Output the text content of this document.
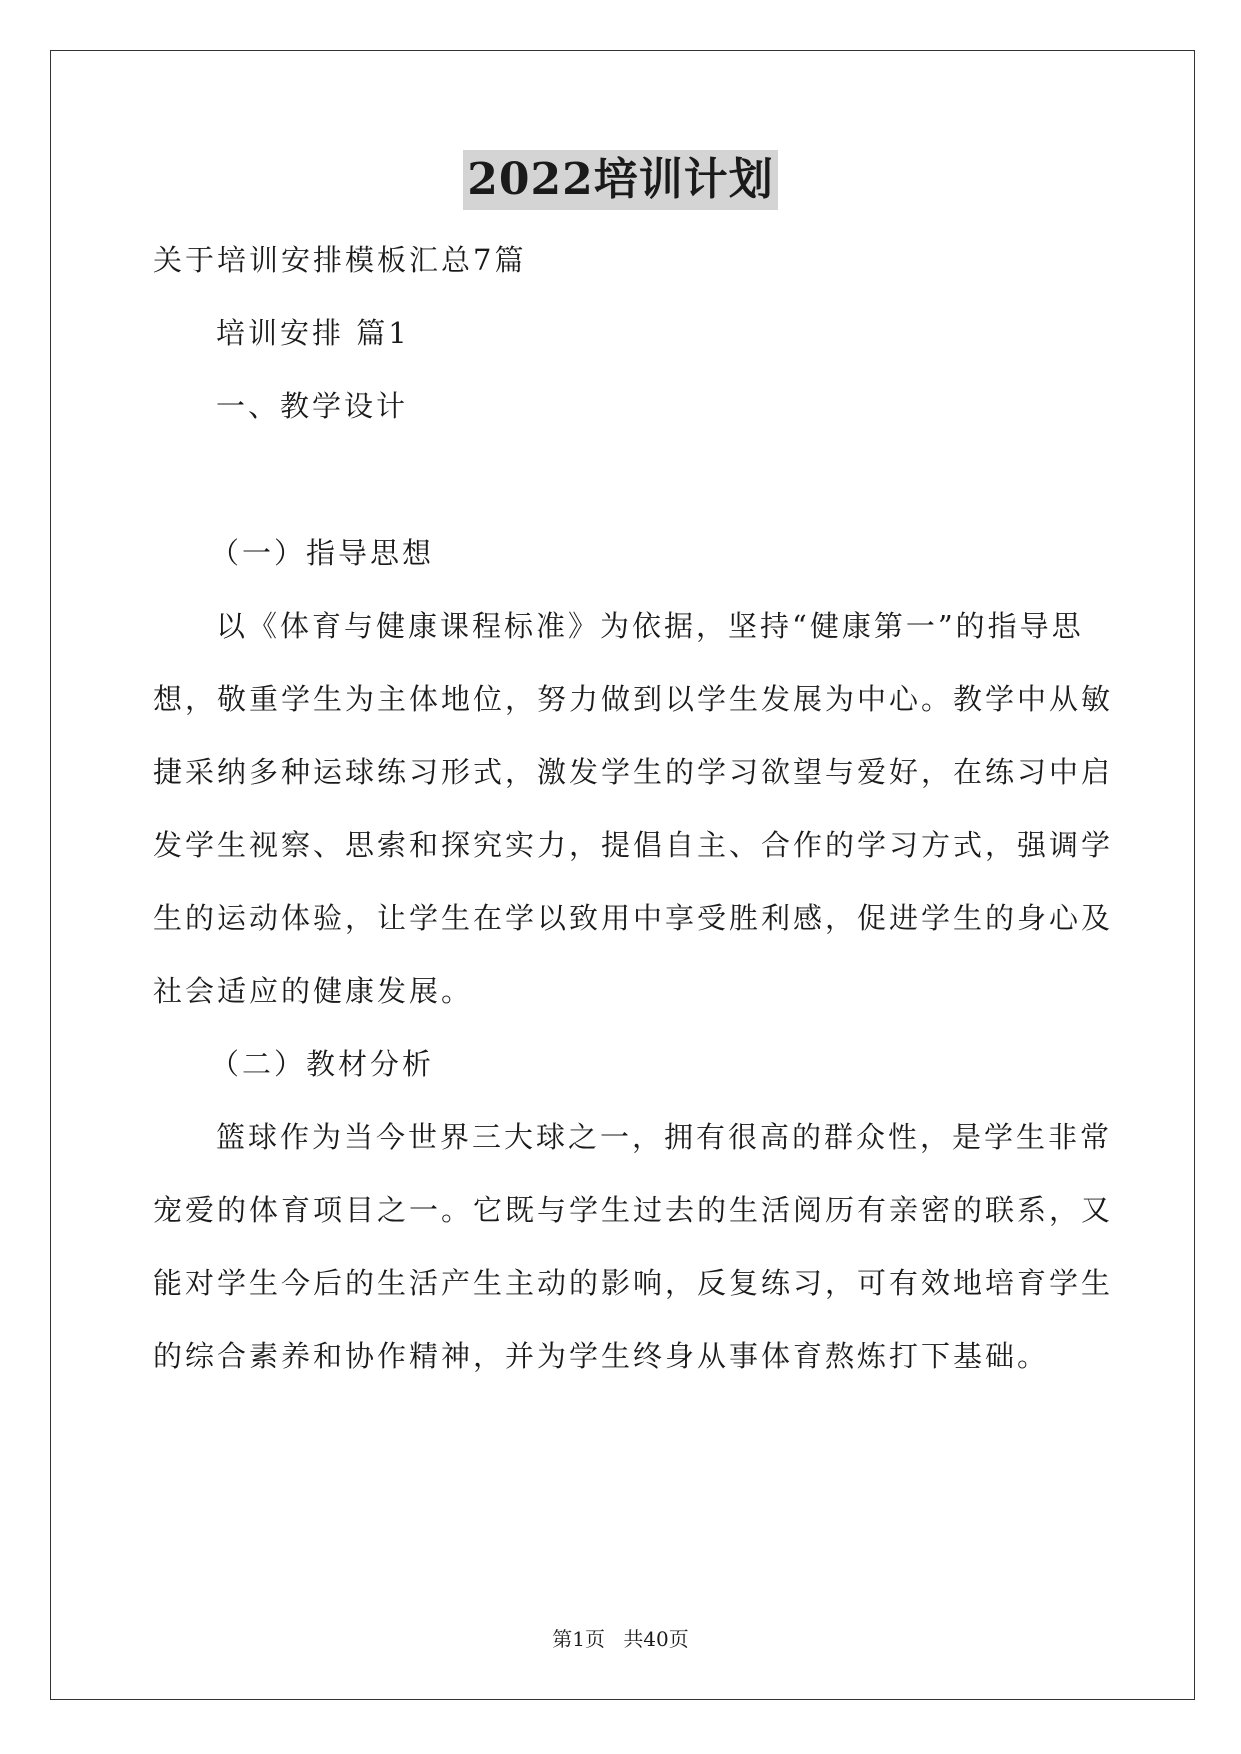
2022培训计划
关于培训安排模板汇总7篇
培训安排 篇1
一、教学设计
（一）指导思想
以《体育与健康课程标准》为依据，坚持“健康第一”的指导思
想，敬重学生为主体地位，努力做到以学生发展为中心。教学中从敏
捷采纳多种运球练习形式，激发学生的学习欲望与爱好，在练习中启
发学生视察、思索和探究实力，提倡自主、合作的学习方式，强调学
生的运动体验，让学生在学以致用中享受胜利感，促进学生的身心及
社会适应的健康发展。
（二）教材分析
篮球作为当今世界三大球之一，拥有很高的群众性，是学生非常
宠爱的体育项目之一。它既与学生过去的生活阅历有亲密的联系，又
能对学生今后的生活产生主动的影响，反复练习，可有效地培育学生
的综合素养和协作精神，并为学生终身从事体育熬炼打下基础。
第1页 共40页
